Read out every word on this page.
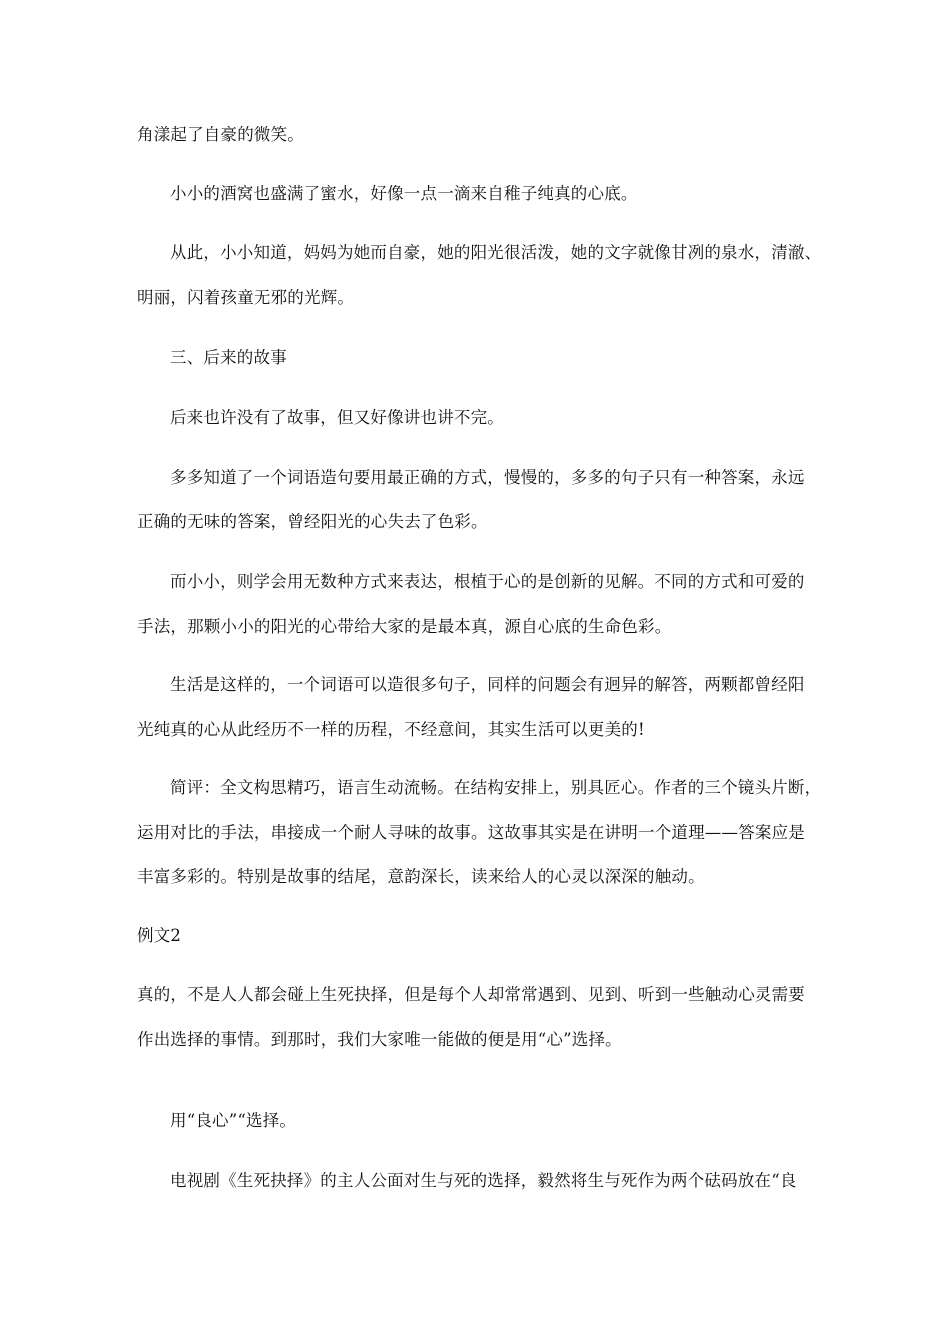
角漾起了自豪的微笑。
小小的酒窝也盛满了蜜水，好像一点一滴来自稚子纯真的心底。
从此，小小知道，妈妈为她而自豪，她的阳光很活泼，她的文字就像甘冽的泉水，清澈、
明丽，闪着孩童无邪的光辉。
三、后来的故事
后来也许没有了故事，但又好像讲也讲不完。
多多知道了一个词语造句要用最正确的方式，慢慢的，多多的句子只有一种答案，永远
正确的无味的答案，曾经阳光的心失去了色彩。
而小小，则学会用无数种方式来表达，根植于心的是创新的见解。不同的方式和可爱的
手法，那颗小小的阳光的心带给大家的是最本真，源自心底的生命色彩。
生活是这样的，一个词语可以造很多句子，同样的问题会有迥异的解答，两颗都曾经阳
光纯真的心从此经历不一样的历程，不经意间，其实生活可以更美的!
简评：全文构思精巧，语言生动流畅。在结构安排上，别具匠心。作者的三个镜头片断，
运用对比的手法，串接成一个耐人寻味的故事。这故事其实是在讲明一个道理——答案应是
丰富多彩的。特别是故事的结尾，意韵深长，读来给人的心灵以深深的触动。
例文2
真的，不是人人都会碰上生死抉择，但是每个人却常常遇到、见到、听到一些触动心灵需要
作出选择的事情。到那时，我们大家唯一能做的便是用“心”选择。
用“良心”“选择。
电视剧《生死抉择》的主人公面对生与死的选择，毅然将生与死作为两个砝码放在“良
